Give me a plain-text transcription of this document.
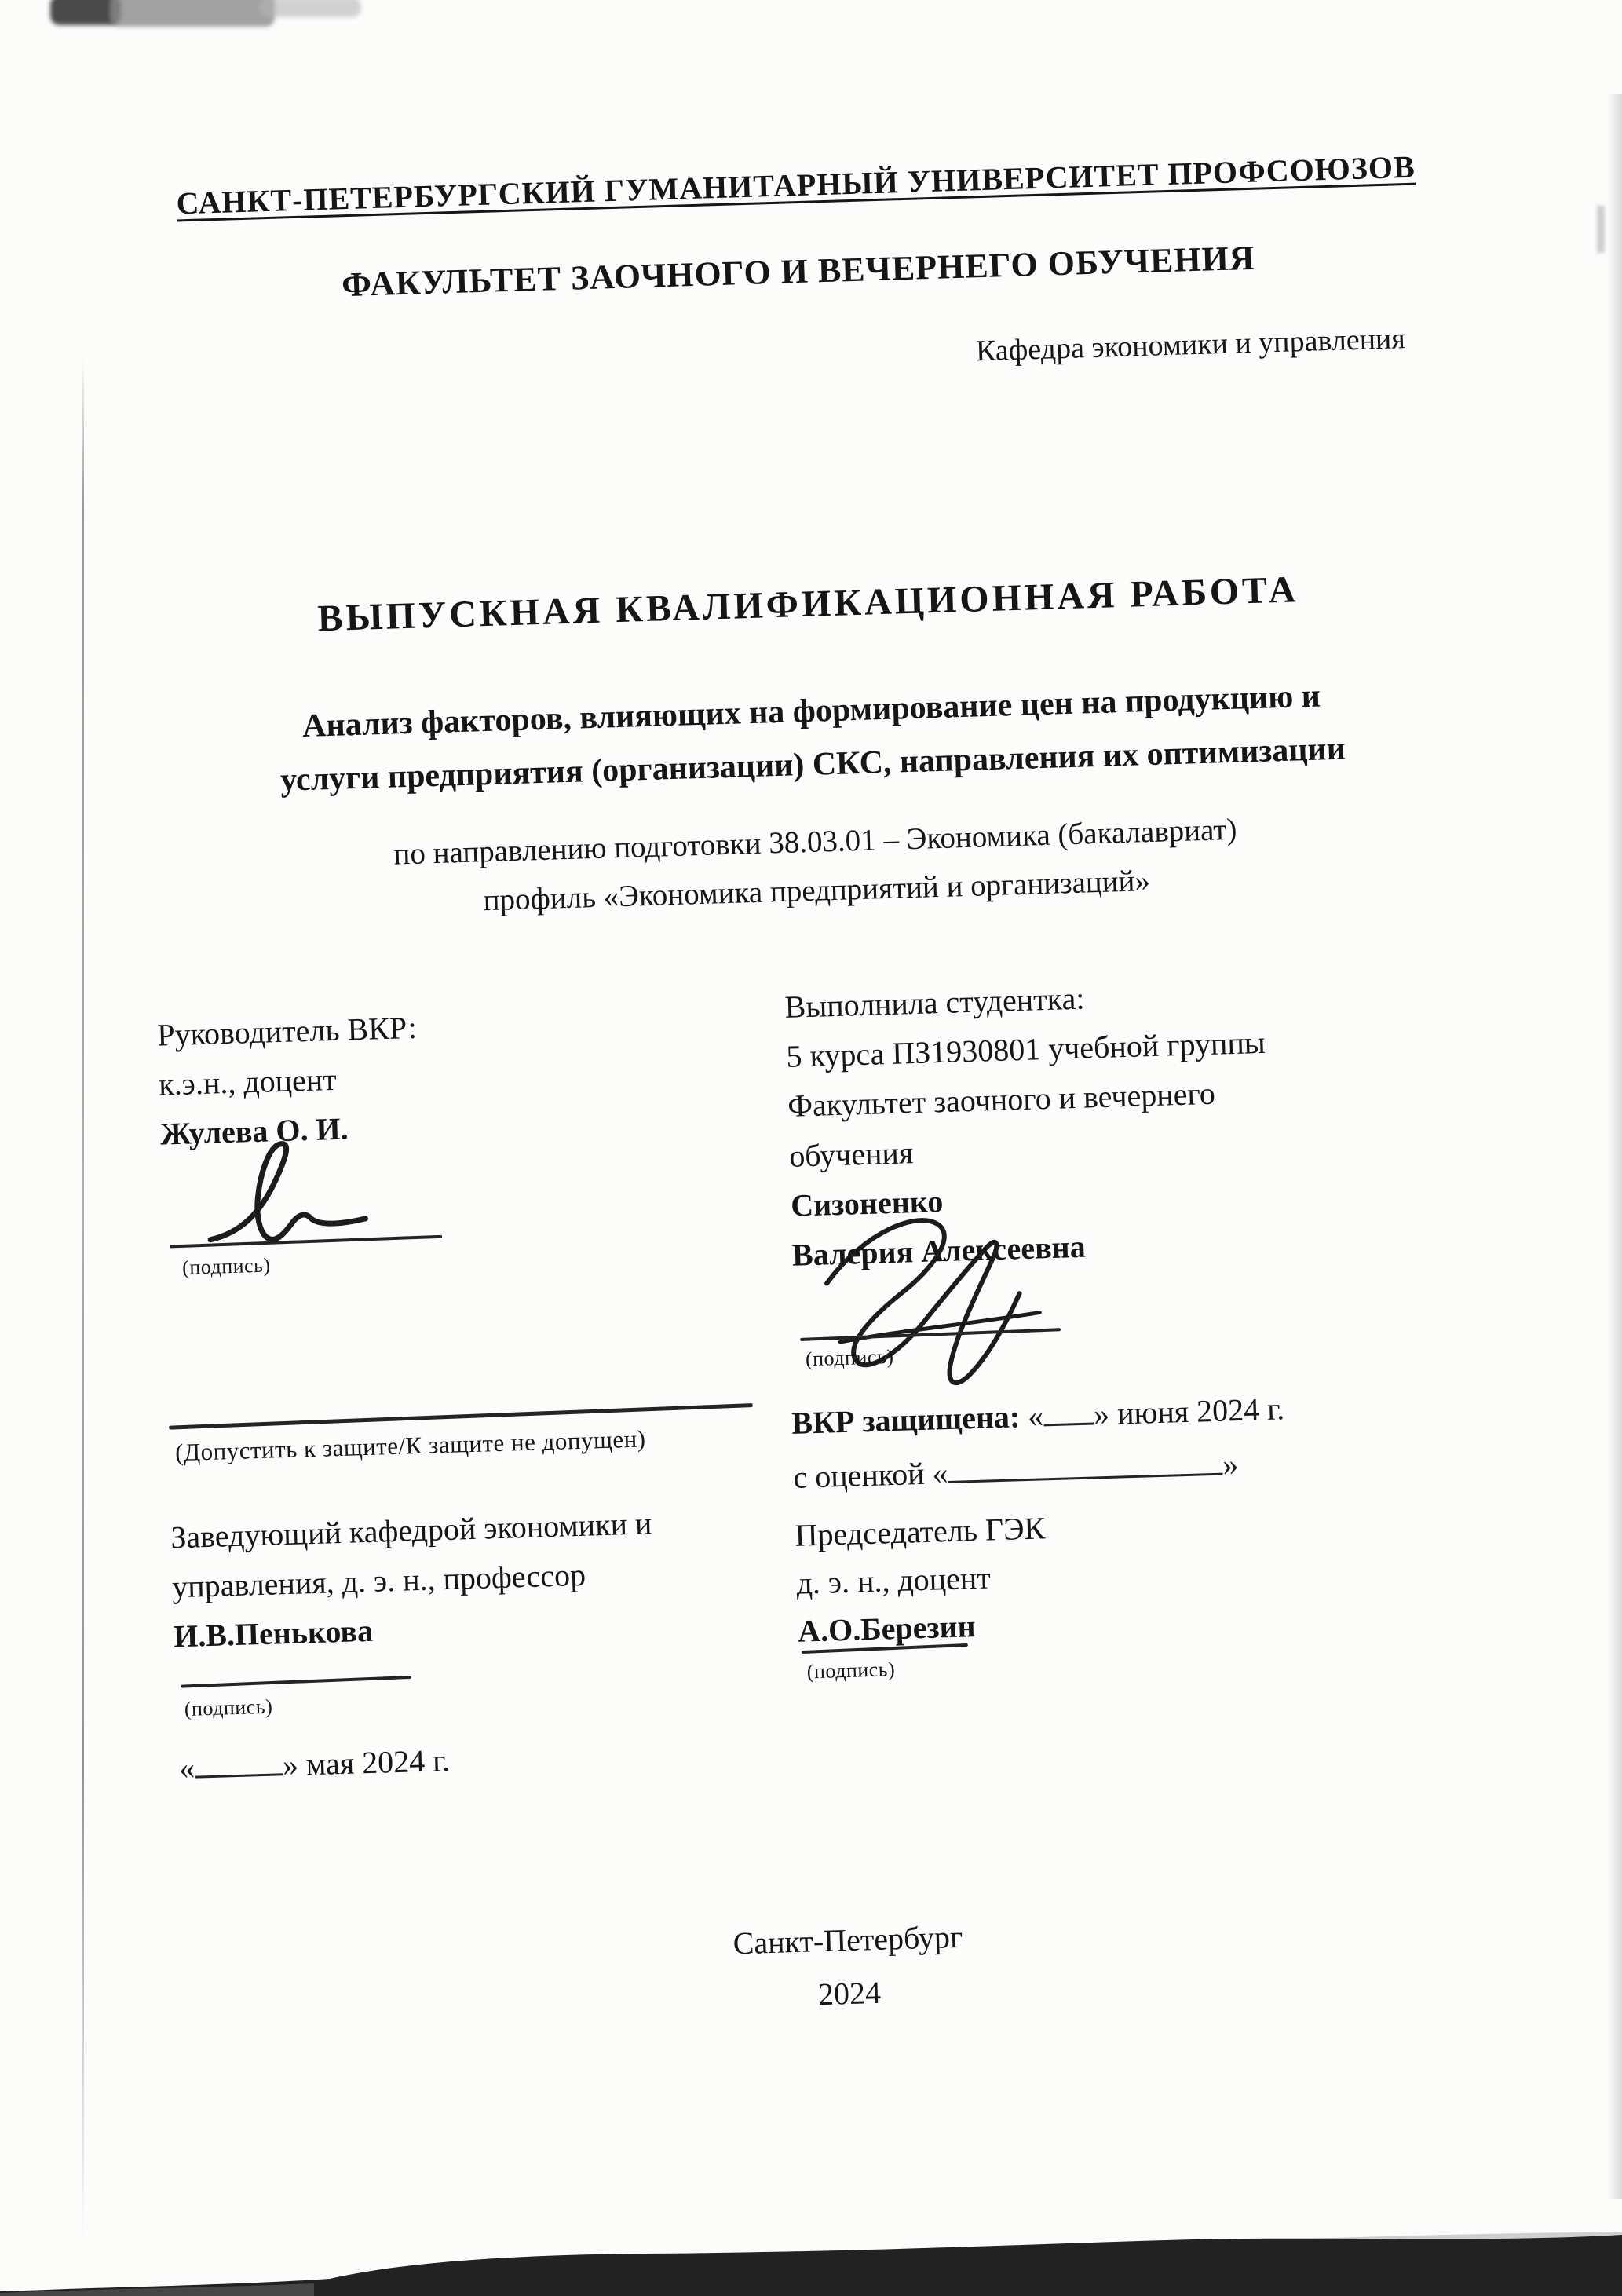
САНКТ-ПЕТЕРБУРГСКИЙ ГУМАНИТАРНЫЙ УНИВЕРСИТЕТ ПРОФСОЮЗОВ
ФАКУЛЬТЕТ ЗАОЧНОГО И ВЕЧЕРНЕГО ОБУЧЕНИЯ
Кафедра экономики и управления
ВЫПУСКНАЯ КВАЛИФИКАЦИОННАЯ РАБОТА
Анализ факторов, влияющих на формирование цен на продукцию и
услуги предприятия (организации) СКС, направления их оптимизации
по направлению подготовки 38.03.01 – Экономика (бакалавриат)
профиль «Экономика предприятий и организаций»
Руководитель ВКР:
к.э.н., доцент
Жулева О. И.
(подпись)
Выполнила студентка:
5 курса ПЗ1930801 учебной группы
Факультет заочного и вечернего
обучения
Сизоненко
Валерия Алексеевна
(подпись)
ВКР защищена: « » июня 2024 г.
с оценкой «	»
(Допустить к защите/К защите не допущен)
Заведующий кафедрой экономики и
управления, д. э. н., профессор
И.В.Пенькова
(подпись)
«	» мая 2024 г.
Председатель ГЭК
д. э. н., доцент
А.О.Березин
(подпись)
Санкт-Петербург
2024
